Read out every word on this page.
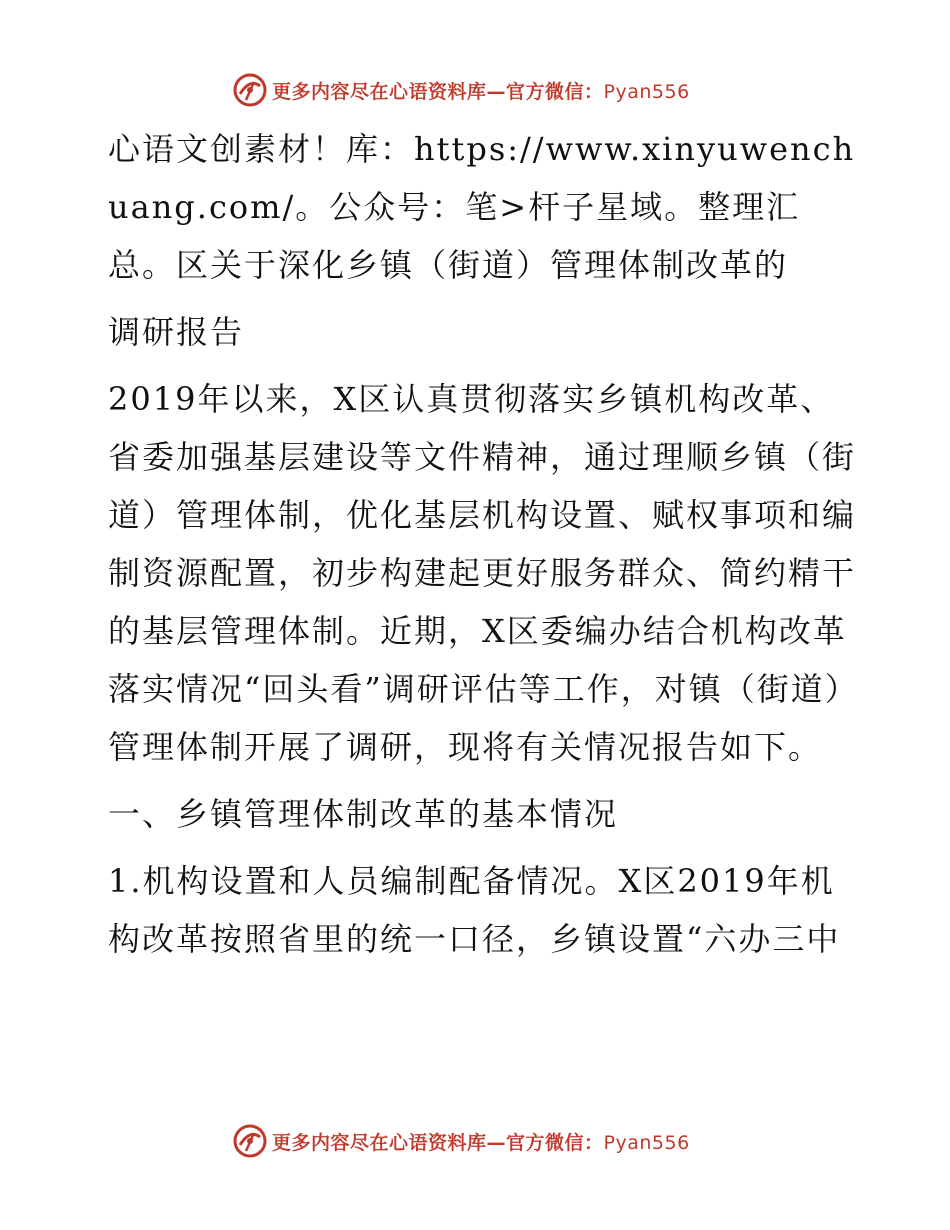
更多内容尽在心语资料库—官方微信：Pyan556

心语文创素材！库：https://www.xinyuwenchuang.com/。公众号：笔>杆子星域。整理汇总。区关于深化乡镇（街道）管理体制改革的

调研报告

2019年以来，X区认真贯彻落实乡镇机构改革、省委加强基层建设等文件精神，通过理顺乡镇（街道）管理体制，优化基层机构设置、赋权事项和编制资源配置，初步构建起更好服务群众、简约精干的基层管理体制。近期，X区委编办结合机构改革落实情况“回头看”调研评估等工作，对镇（街道）管理体制开展了调研，现将有关情况报告如下。

一、乡镇管理体制改革的基本情况

1.机构设置和人员编制配备情况。X区2019年机构改革按照省里的统一口径，乡镇设置“六办三中

更多内容尽在心语资料库—官方微信：Pyan556
